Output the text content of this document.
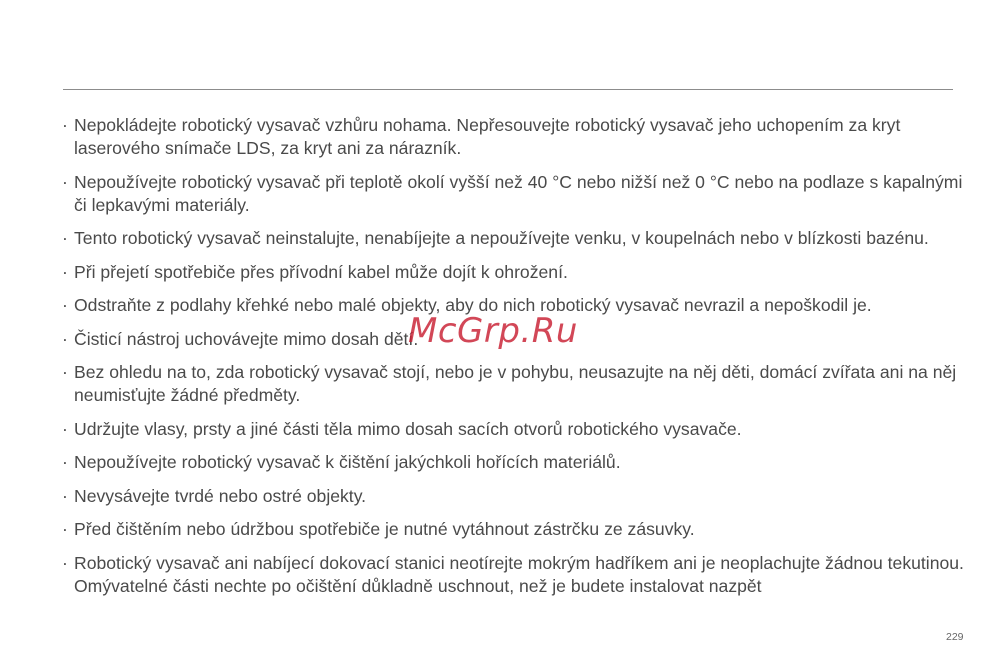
· Nepokládejte robotický vysavač vzhůru nohama. Nepřesouvejte robotický vysavač jeho uchopením za kryt laserového snímače LDS, za kryt ani za nárazník.
· Nepoužívejte robotický vysavač při teplotě okolí vyšší než 40 °C nebo nižší než 0 °C nebo na podlaze s kapalnými či lepkavými materiály.
· Tento robotický vysavač neinstalujte, nenabíjejte a nepoužívejte venku, v koupelnách nebo v blízkosti bazénu.
· Při přejetí spotřebiče přes přívodní kabel může dojít k ohrožení.
· Odstraňte z podlahy křehké nebo malé objekty, aby do nich robotický vysavač nevrazil a nepoškodil je.
· Čisticí nástroj uchovávejte mimo dosah dětí.
· Bez ohledu na to, zda robotický vysavač stojí, nebo je v pohybu, neusazujte na něj děti, domácí zvířata ani na něj neumisťujte žádné předměty.
· Udržujte vlasy, prsty a jiné části těla mimo dosah sacích otvorů robotického vysavače.
· Nepoužívejte robotický vysavač k čištění jakýchkoli hořících materiálů.
· Nevysávejte tvrdé nebo ostré objekty.
· Před čištěním nebo údržbou spotřebiče je nutné vytáhnout zástrčku ze zásuvky.
· Robotický vysavač ani nabíjecí dokovací stanici neotírejte mokrým hadříkem ani je neoplachujte žádnou tekutinou. Omývatelné části nechte po očištění důkladně uschnout, než je budete instalovat nazpět
McGrp.Ru
229
